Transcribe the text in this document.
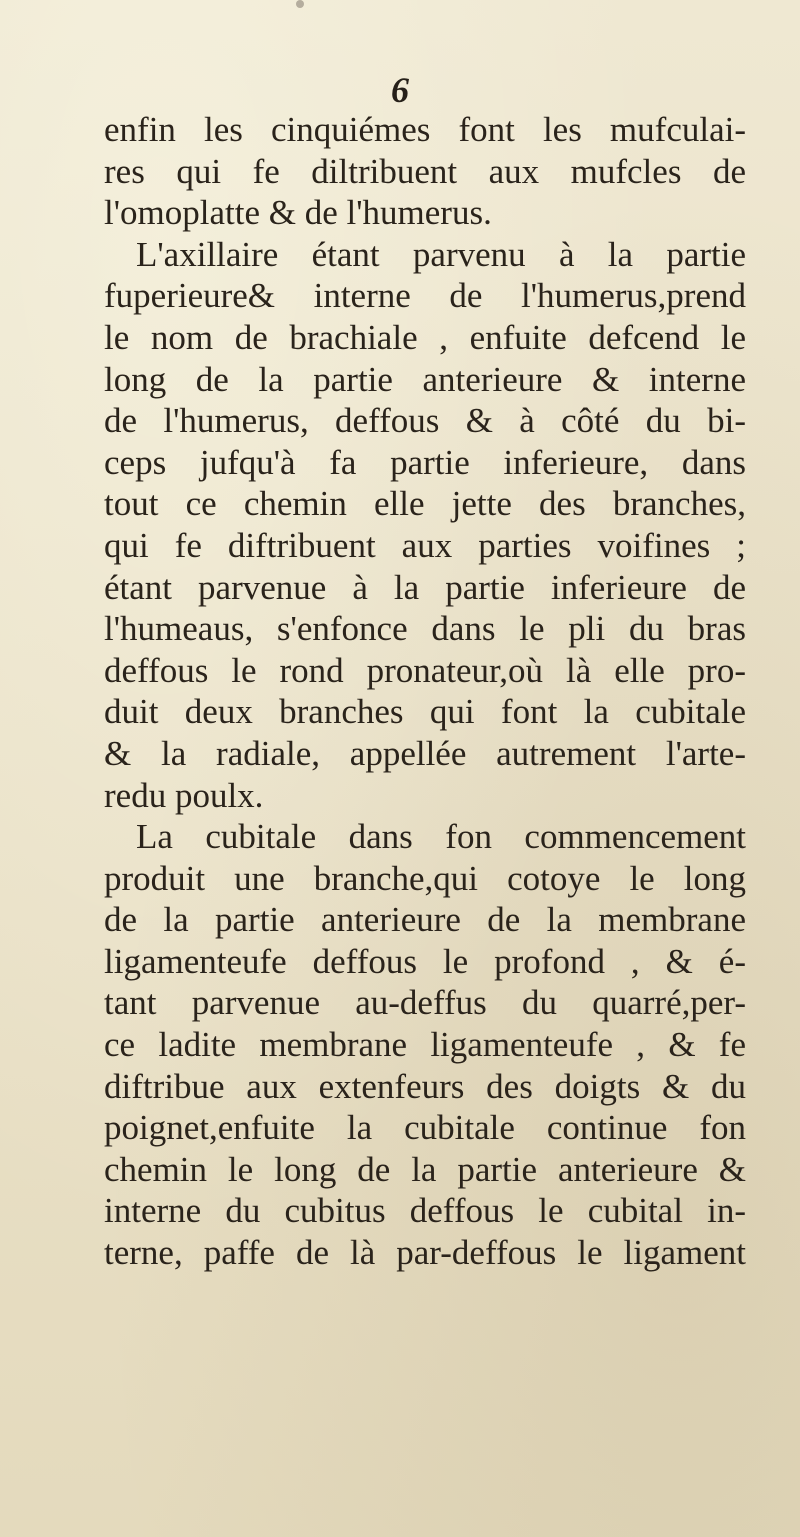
6
enfin les cinquiémes font les mufculai-
res qui fe diltribuent aux mufcles de
l'omoplatte & de l'humerus.
L'axillaire étant parvenu à la partie
fuperieure& interne de l'humerus,prend
le nom de brachiale , enfuite defcend le
long de la partie anterieure & interne
de l'humerus, deffous & à côté du bi-
ceps jufqu'à fa partie inferieure, dans
tout ce chemin elle jette des branches,
qui fe diftribuent aux parties voifines ;
étant parvenue à la partie inferieure de
l'humeaus, s'enfonce dans le pli du bras
deffous le rond pronateur,où là elle pro-
duit deux branches qui font la cubitale
& la radiale, appellée autrement l'arte-
redu poulx.
La cubitale dans fon commencement
produit une branche,qui cotoye le long
de la partie anterieure de la membrane
ligamenteufe deffous le profond , & é-
tant parvenue au-deffus du quarré,per-
ce ladite membrane ligamenteufe , & fe
diftribue aux extenfeurs des doigts & du
poignet,enfuite la cubitale continue fon
chemin le long de la partie anterieure &
interne du cubitus deffous le cubital in-
terne, paffe de là par-deffous le ligament
